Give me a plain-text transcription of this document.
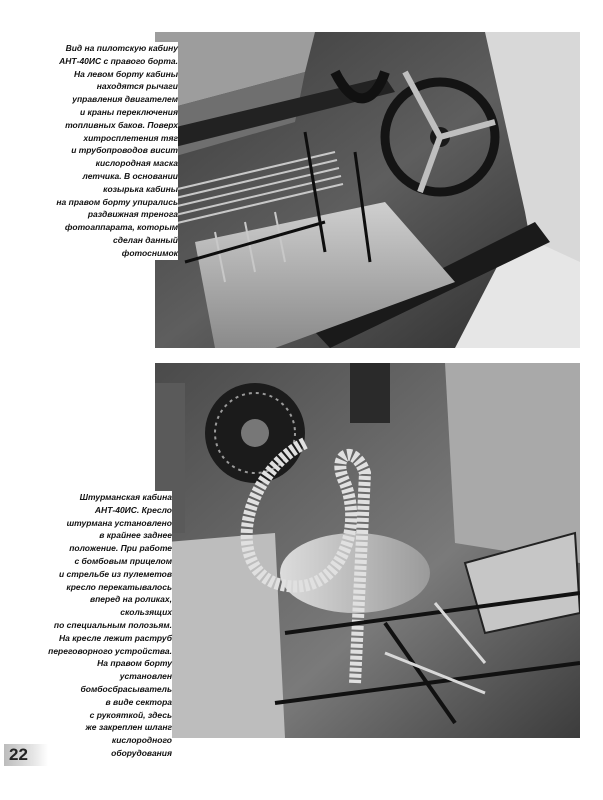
Вид на пилотскую кабину
АНТ-40ИС с правого борта.
На левом борту кабины
находятся рычаги
управления двигателем
и краны переключения
топливных баков. Поверх
хитросплетения тяг
и трубопроводов висит
кислородная маска
летчика. В основании
козырька кабины
на правом борту упирались
раздвижная тренога
фотоаппарата, которым
сделан данный
фотоснимок
Штурманская кабина
АНТ-40ИС. Кресло
штурмана установлено
в крайнее заднее
положение. При работе
с бомбовым прицелом
и стрельбе из пулеметов
кресло перекатывалось
вперед на роликах,
скользящих
по специальным полозьям.
На кресле лежит раструб
переговорного устройства.
На правом борту
установлен
бомбосбрасыватель
в виде сектора
с рукояткой, здесь
же закреплен шланг
кислородного
оборудования
22
